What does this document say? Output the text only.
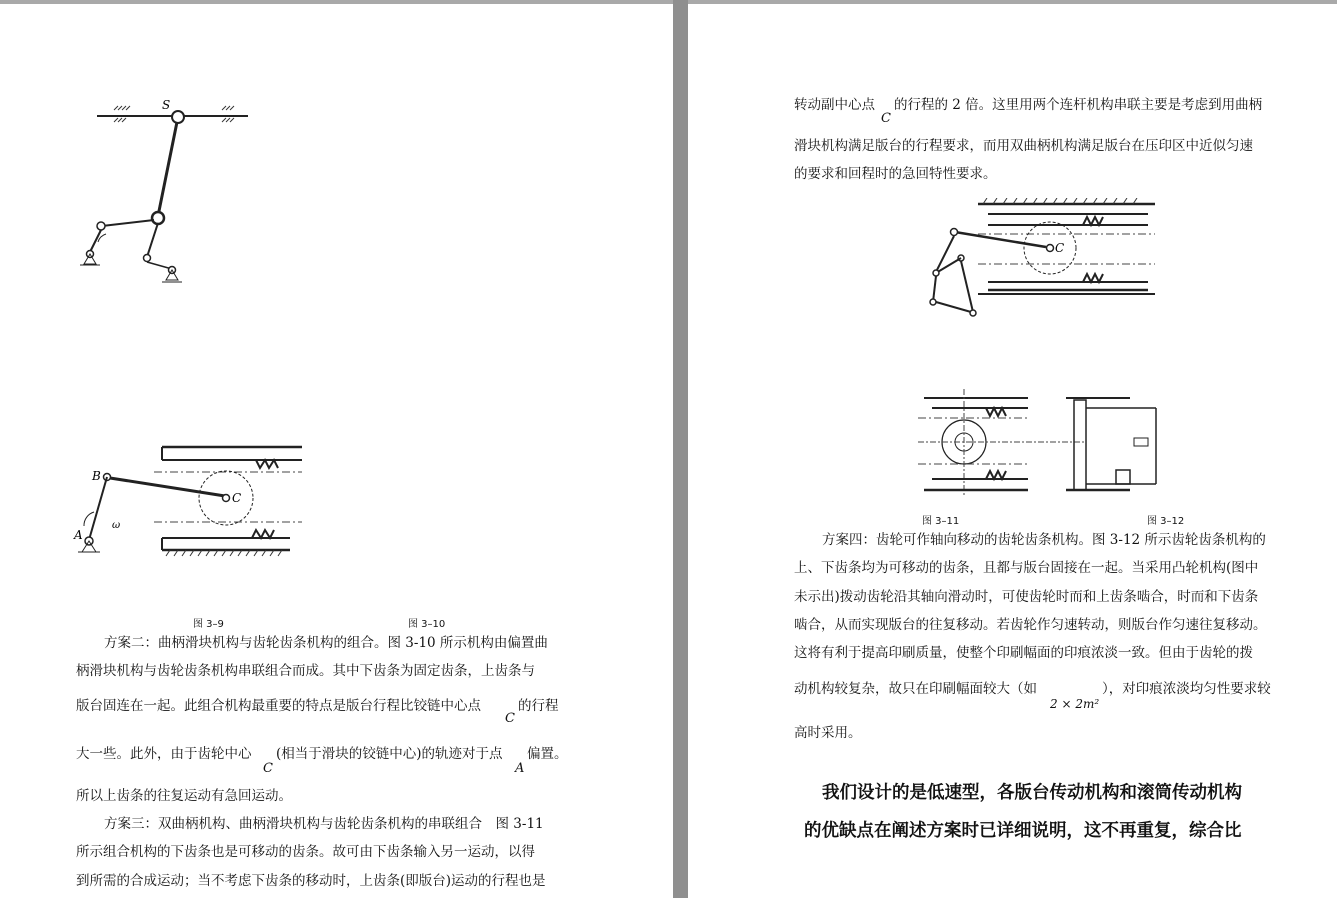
S
B
A
ω
C
图 3–9	图 3–10
方案二：曲柄滑块机构与齿轮齿条机构的组合。图 3-10 所示机构由偏置曲
柄滑块机构与齿轮齿条机构串联组合而成。其中下齿条为固定齿条，上齿条与
版台固连在一起。此组合机构最重要的特点是版台行程比铰链中心点
C
的行程
大一些。此外，由于齿轮中心
C
(相当于滑块的铰链中心)的轨迹对于点
A
偏置。
所以上齿条的往复运动有急回运动。
方案三：双曲柄机构、曲柄滑块机构与齿轮齿条机构的串联组合　图 3-11
所示组合机构的下齿条也是可移动的齿条。故可由下齿条输入另一运动，以得
到所需的合成运动；当不考虑下齿条的移动时，上齿条(即版台)运动的行程也是
转动副中心点
C
的行程的 2 倍。这里用两个连杆机构串联主要是考虑到用曲柄
滑块机构满足版台的行程要求，而用双曲柄机构满足版台在压印区中近似匀速
的要求和回程时的急回特性要求。
C
图 3–11	图 3–12
方案四：齿轮可作轴向移动的齿轮齿条机构。图 3-12 所示齿轮齿条机构的
上、下齿条均为可移动的齿条，且都与版台固接在一起。当采用凸轮机构(图中
未示出)拨动齿轮沿其轴向滑动时，可使齿轮时而和上齿条啮合，时而和下齿条
啮合，从而实现版台的往复移动。若齿轮作匀速转动，则版台作匀速往复移动。
这将有利于提高印刷质量，使整个印刷幅面的印痕浓淡一致。但由于齿轮的拨
动机构较复杂，故只在印刷幅面较大（如
2 × 2m²
），对印痕浓淡均匀性要求较
高时采用。
我们设计的是低速型，各版台传动机构和滚筒传动机构
的优缺点在阐述方案时已详细说明，这不再重复，综合比
